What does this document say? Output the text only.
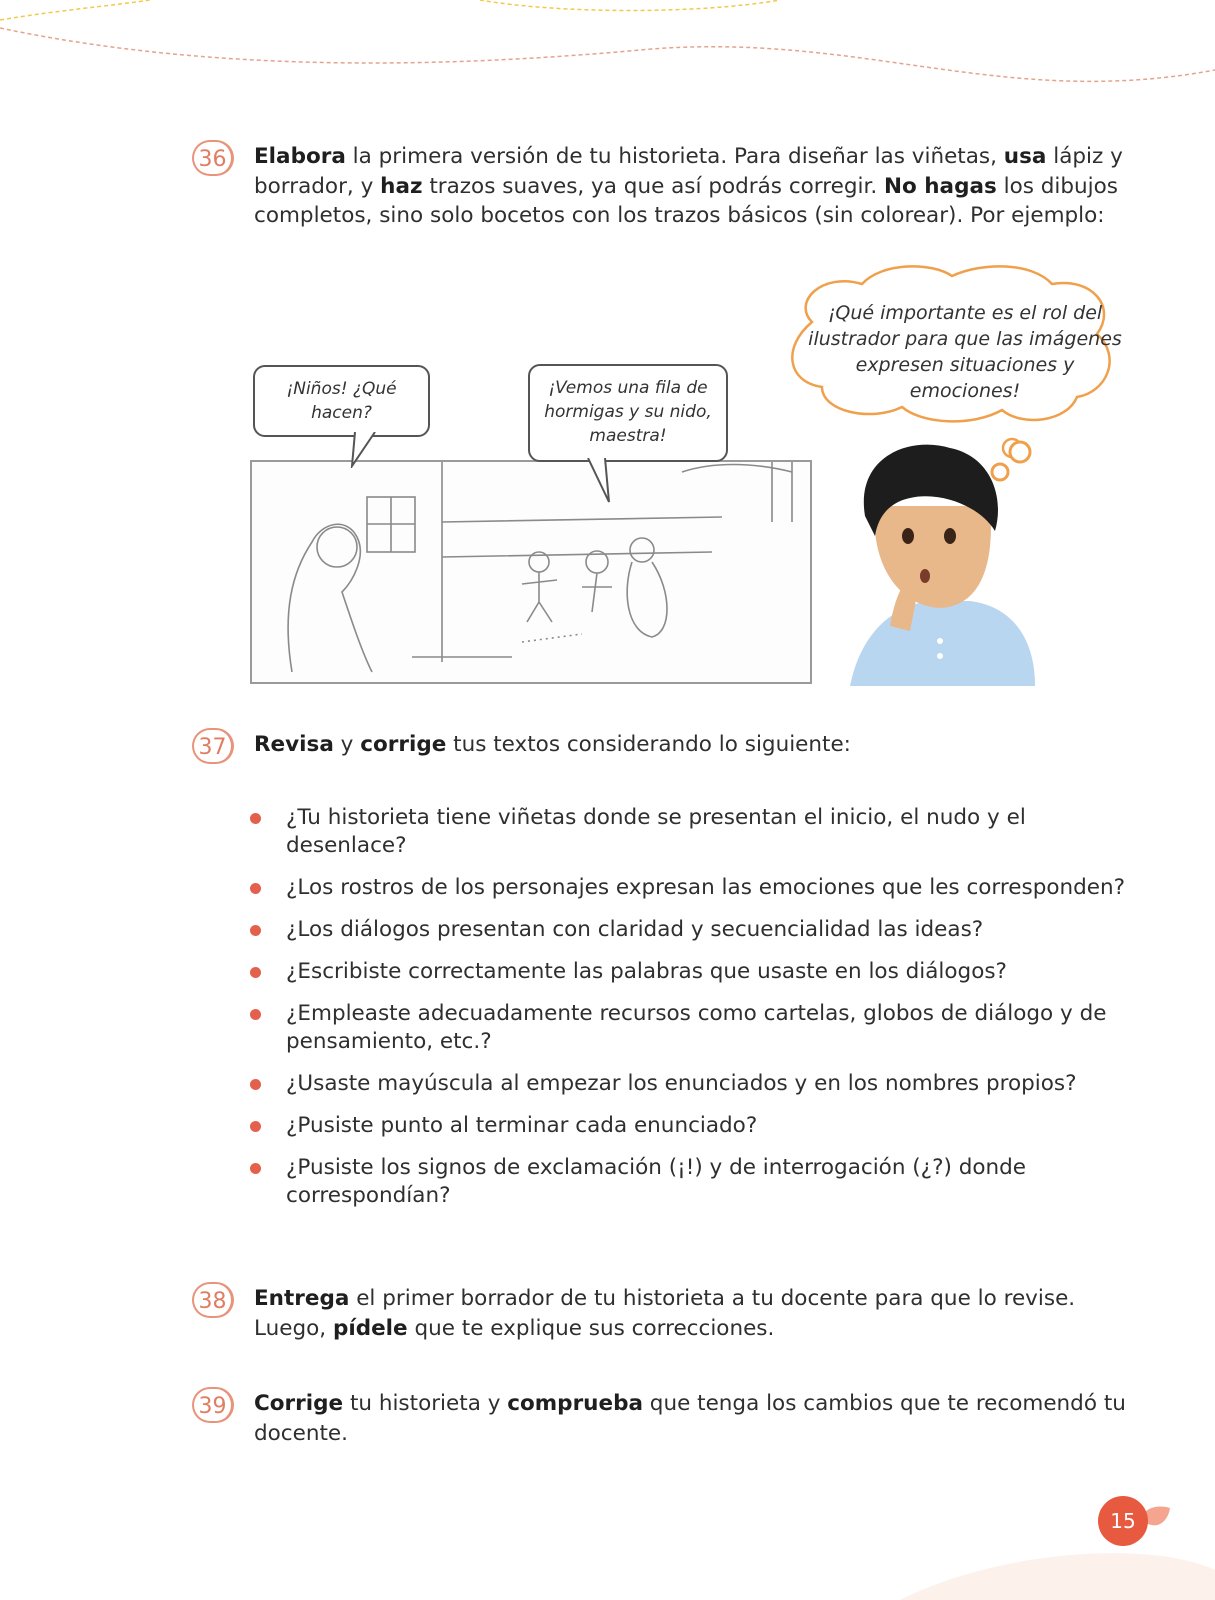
36	Elabora la primera versión de tu historieta. Para diseñar las viñetas, usa lápiz y borrador, y haz trazos suaves, ya que así podrás corregir. No hagas los dibujos completos, sino solo bocetos con los trazos básicos (sin colorear). Por ejemplo:
¡Niños! ¿Qué hacen?
¡Vemos una fila de hormigas y su nido, maestra!
¡Qué importante es el rol del ilustrador para que las imágenes expresen situaciones y emociones!
37	Revisa y corrige tus textos considerando lo siguiente:
¿Tu historieta tiene viñetas donde se presentan el inicio, el nudo y el desenlace?
¿Los rostros de los personajes expresan las emociones que les corresponden?
¿Los diálogos presentan con claridad y secuencialidad las ideas?
¿Escribiste correctamente las palabras que usaste en los diálogos?
¿Empleaste adecuadamente recursos como cartelas, globos de diálogo y de pensamiento, etc.?
¿Usaste mayúscula al empezar los enunciados y en los nombres propios?
¿Pusiste punto al terminar cada enunciado?
¿Pusiste los signos de exclamación (¡!) y de interrogación (¿?) donde correspondían?
38	Entrega el primer borrador de tu historieta a tu docente para que lo revise.
Luego, pídele que te explique sus correcciones.
39	Corrige tu historieta y comprueba que tenga los cambios que te recomendó tu docente.
15
